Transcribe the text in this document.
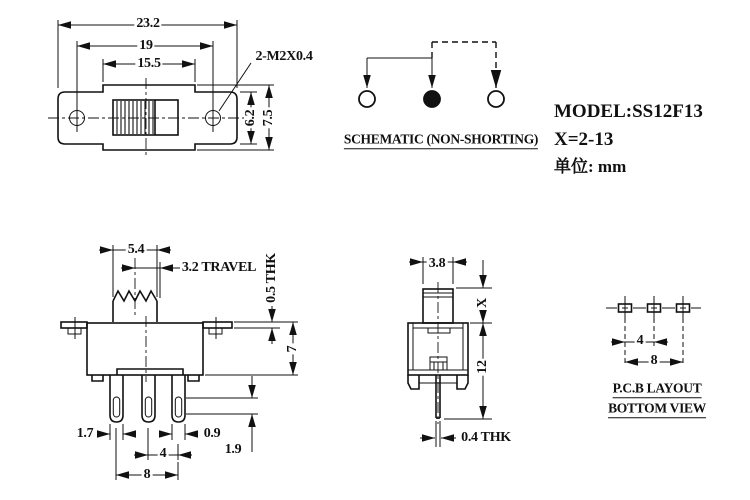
23.2
19
15.5	2-M2X0.4
6.2 7.5
SCHEMATIC (NON-SHORTING)
MODEL:SS12F13
X=2-13
单位: mm
5.4
3.2 TRAVEL 0.5 THK
7
1.7	0.9
4	1.9
8
3.8
X
12
0.4 THK
4
8
P.C.B LAYOUT
BOTTOM VIEW
